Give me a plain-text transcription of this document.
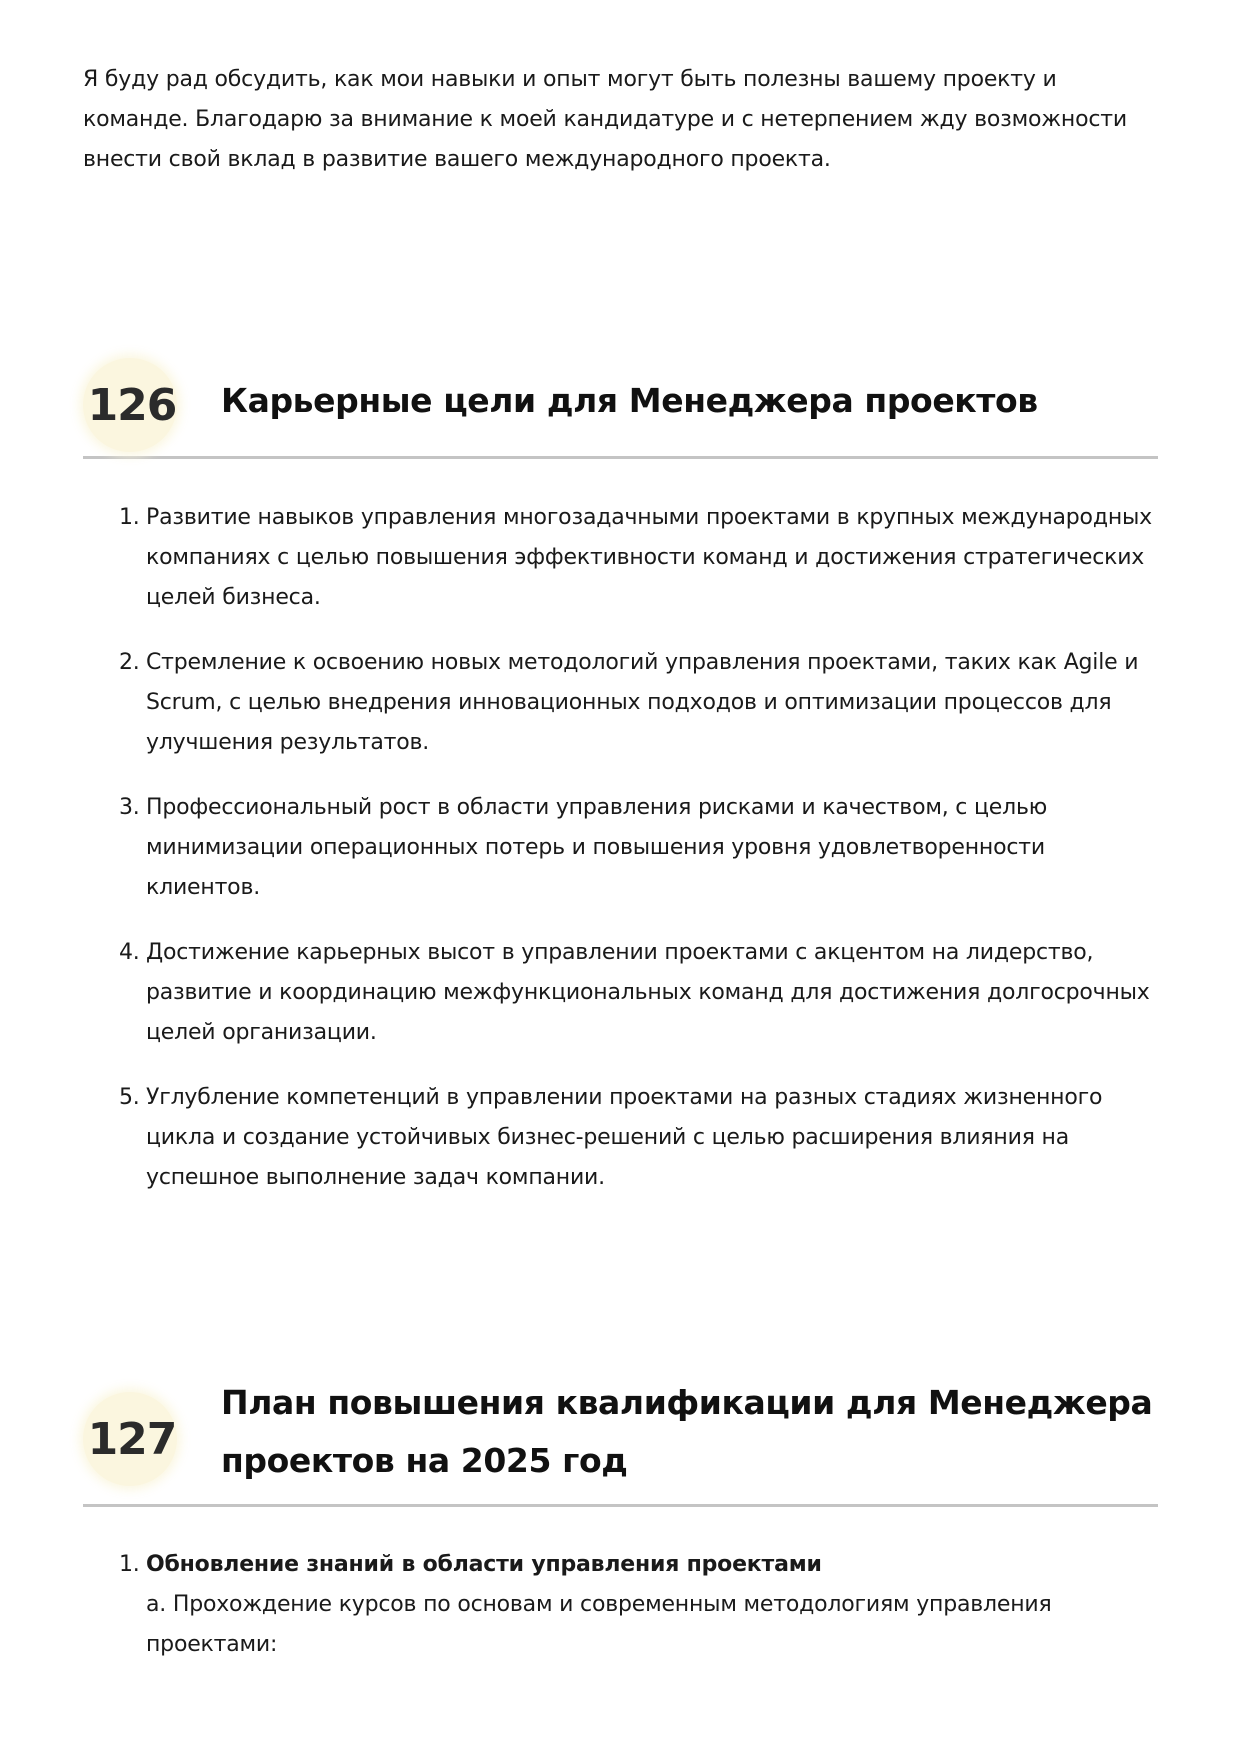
Я буду рад обсудить, как мои навыки и опыт могут быть полезны вашему проекту и команде. Благодарю за внимание к моей кандидатуре и с нетерпением жду возможности внести свой вклад в развитие вашего международного проекта.

126 Карьерные цели для Менеджера проектов
1. Развитие навыков управления многозадачными проектами в крупных международных компаниях с целью повышения эффективности команд и достижения стратегических целей бизнеса.
2. Стремление к освоению новых методологий управления проектами, таких как Agile и Scrum, с целью внедрения инновационных подходов и оптимизации процессов для улучшения результатов.
3. Профессиональный рост в области управления рисками и качеством, с целью минимизации операционных потерь и повышения уровня удовлетворенности клиентов.
4. Достижение карьерных высот в управлении проектами с акцентом на лидерство, развитие и координацию межфункциональных команд для достижения долгосрочных целей организации.
5. Углубление компетенций в управлении проектами на разных стадиях жизненного цикла и создание устойчивых бизнес-решений с целью расширения влияния на успешное выполнение задач компании.
127
План повышения квалификации для Менеджера проектов на 2025 год
1. Обновление знаний в области управления проектами
a. Прохождение курсов по основам и современным методологиям управления проектами:
